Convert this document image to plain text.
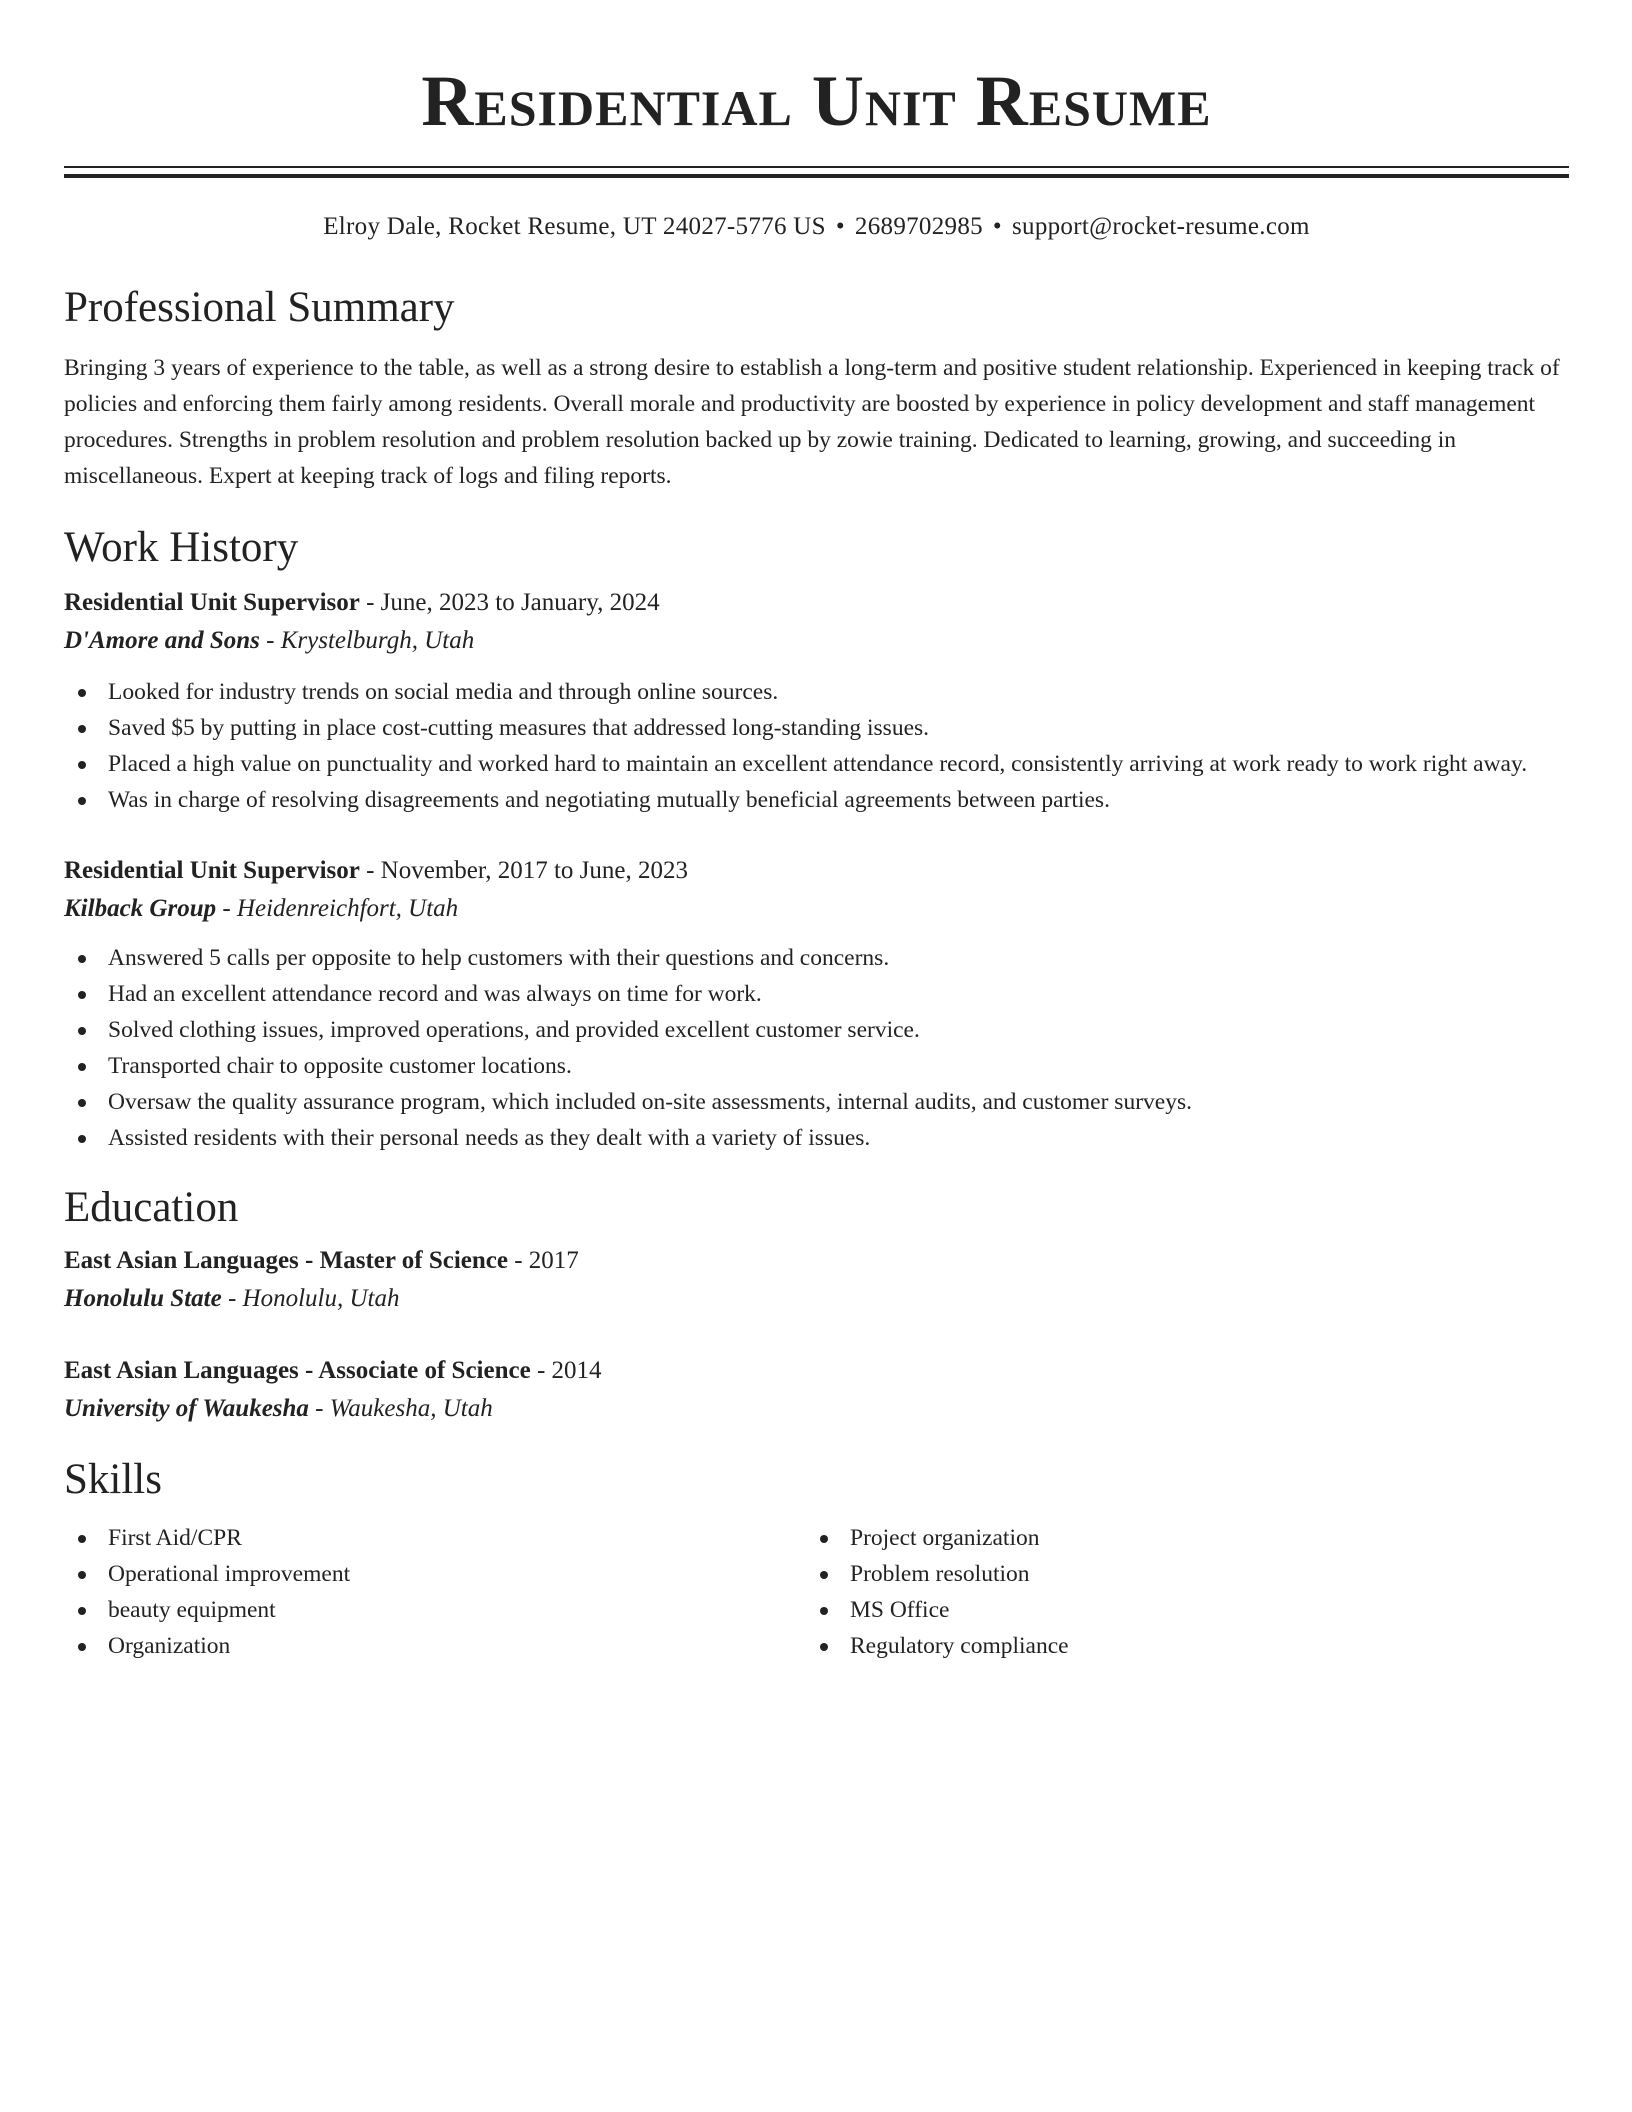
Residential Unit Resume
Elroy Dale, Rocket Resume, UT 24027-5776 US • 2689702985 • support@rocket-resume.com
Professional Summary

Bringing 3 years of experience to the table, as well as a strong desire to establish a long-term and positive student relationship. Experienced in keeping track of policies and enforcing them fairly among residents. Overall morale and productivity are boosted by experience in policy development and staff management procedures. Strengths in problem resolution and problem resolution backed up by zowie training. Dedicated to learning, growing, and succeeding in miscellaneous. Expert at keeping track of logs and filing reports.

Work History
Residential Unit Supervisor - June, 2023 to January, 2024
D'Amore and Sons - Krystelburgh, Utah
Looked for industry trends on social media and through online sources.
Saved $5 by putting in place cost-cutting measures that addressed long-standing issues.
Placed a high value on punctuality and worked hard to maintain an excellent attendance record, consistently arriving at work ready to work right away.
Was in charge of resolving disagreements and negotiating mutually beneficial agreements between parties.
Residential Unit Supervisor - November, 2017 to June, 2023
Kilback Group - Heidenreichfort, Utah
Answered 5 calls per opposite to help customers with their questions and concerns.
Had an excellent attendance record and was always on time for work.
Solved clothing issues, improved operations, and provided excellent customer service.
Transported chair to opposite customer locations.
Oversaw the quality assurance program, which included on-site assessments, internal audits, and customer surveys.
Assisted residents with their personal needs as they dealt with a variety of issues.
Education
East Asian Languages - Master of Science - 2017
Honolulu State - Honolulu, Utah
East Asian Languages - Associate of Science - 2014
University of Waukesha - Waukesha, Utah
Skills
First Aid/CPR
Operational improvement
beauty equipment
Organization
Project organization
Problem resolution
MS Office
Regulatory compliance
